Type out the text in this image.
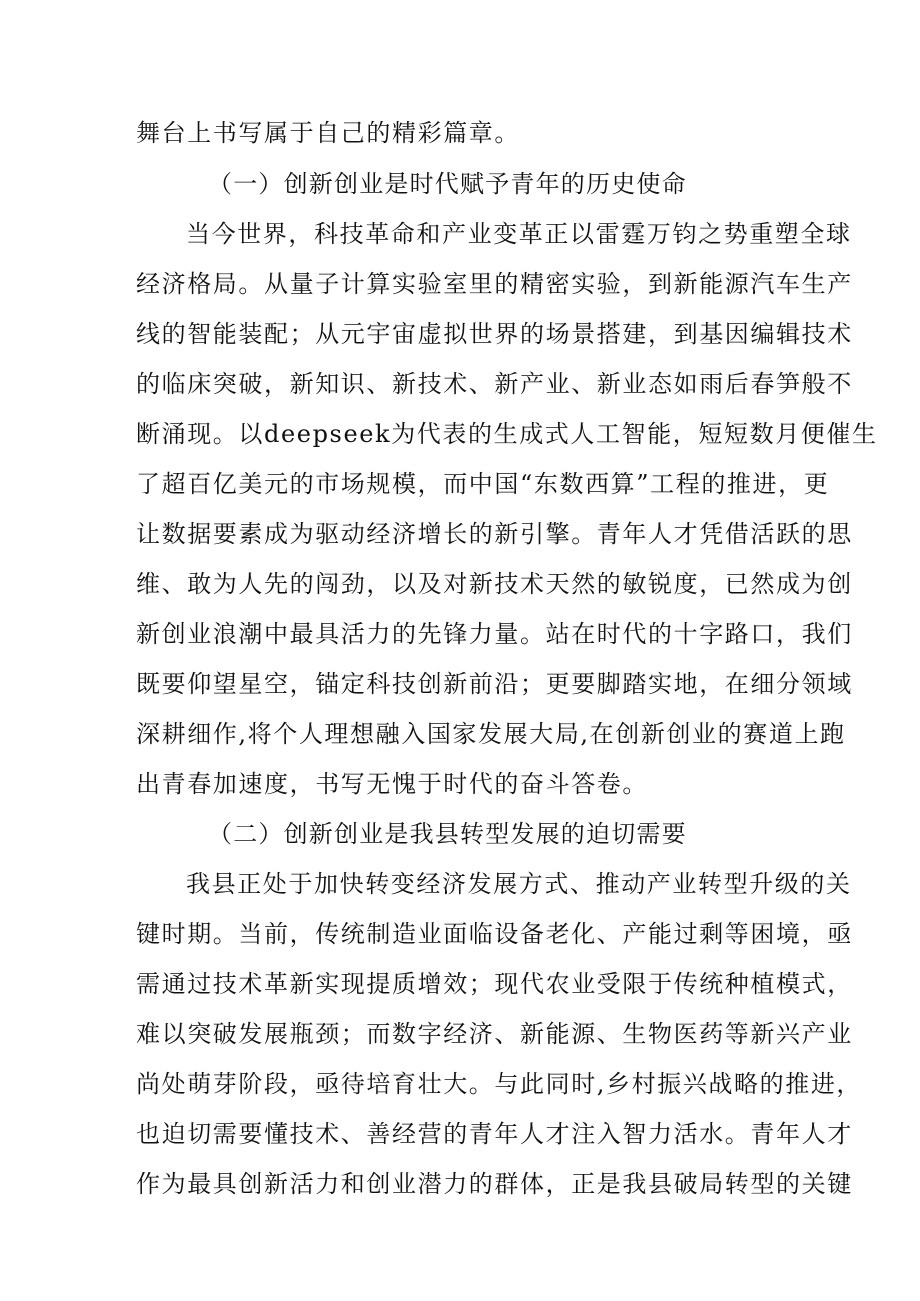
舞台上书写属于自己的精彩篇章。
（一）创新创业是时代赋予青年的历史使命
当今世界，科技革命和产业变革正以雷霆万钧之势重塑全球
经济格局。从量子计算实验室里的精密实验，到新能源汽车生产
线的智能装配；从元宇宙虚拟世界的场景搭建，到基因编辑技术
的临床突破，新知识、新技术、新产业、新业态如雨后春笋般不
断涌现。以deepseek为代表的生成式人工智能，短短数月便催生
了超百亿美元的市场规模，而中国“东数西算”工程的推进，更
让数据要素成为驱动经济增长的新引擎。青年人才凭借活跃的思
维、敢为人先的闯劲，以及对新技术天然的敏锐度，已然成为创
新创业浪潮中最具活力的先锋力量。站在时代的十字路口，我们
既要仰望星空，锚定科技创新前沿；更要脚踏实地，在细分领域
深耕细作,将个人理想融入国家发展大局,在创新创业的赛道上跑
出青春加速度，书写无愧于时代的奋斗答卷。
（二）创新创业是我县转型发展的迫切需要
我县正处于加快转变经济发展方式、推动产业转型升级的关
键时期。当前，传统制造业面临设备老化、产能过剩等困境，亟
需通过技术革新实现提质增效；现代农业受限于传统种植模式，
难以突破发展瓶颈；而数字经济、新能源、生物医药等新兴产业
尚处萌芽阶段，亟待培育壮大。与此同时,乡村振兴战略的推进，
也迫切需要懂技术、善经营的青年人才注入智力活水。青年人才
作为最具创新活力和创业潜力的群体，正是我县破局转型的关键
